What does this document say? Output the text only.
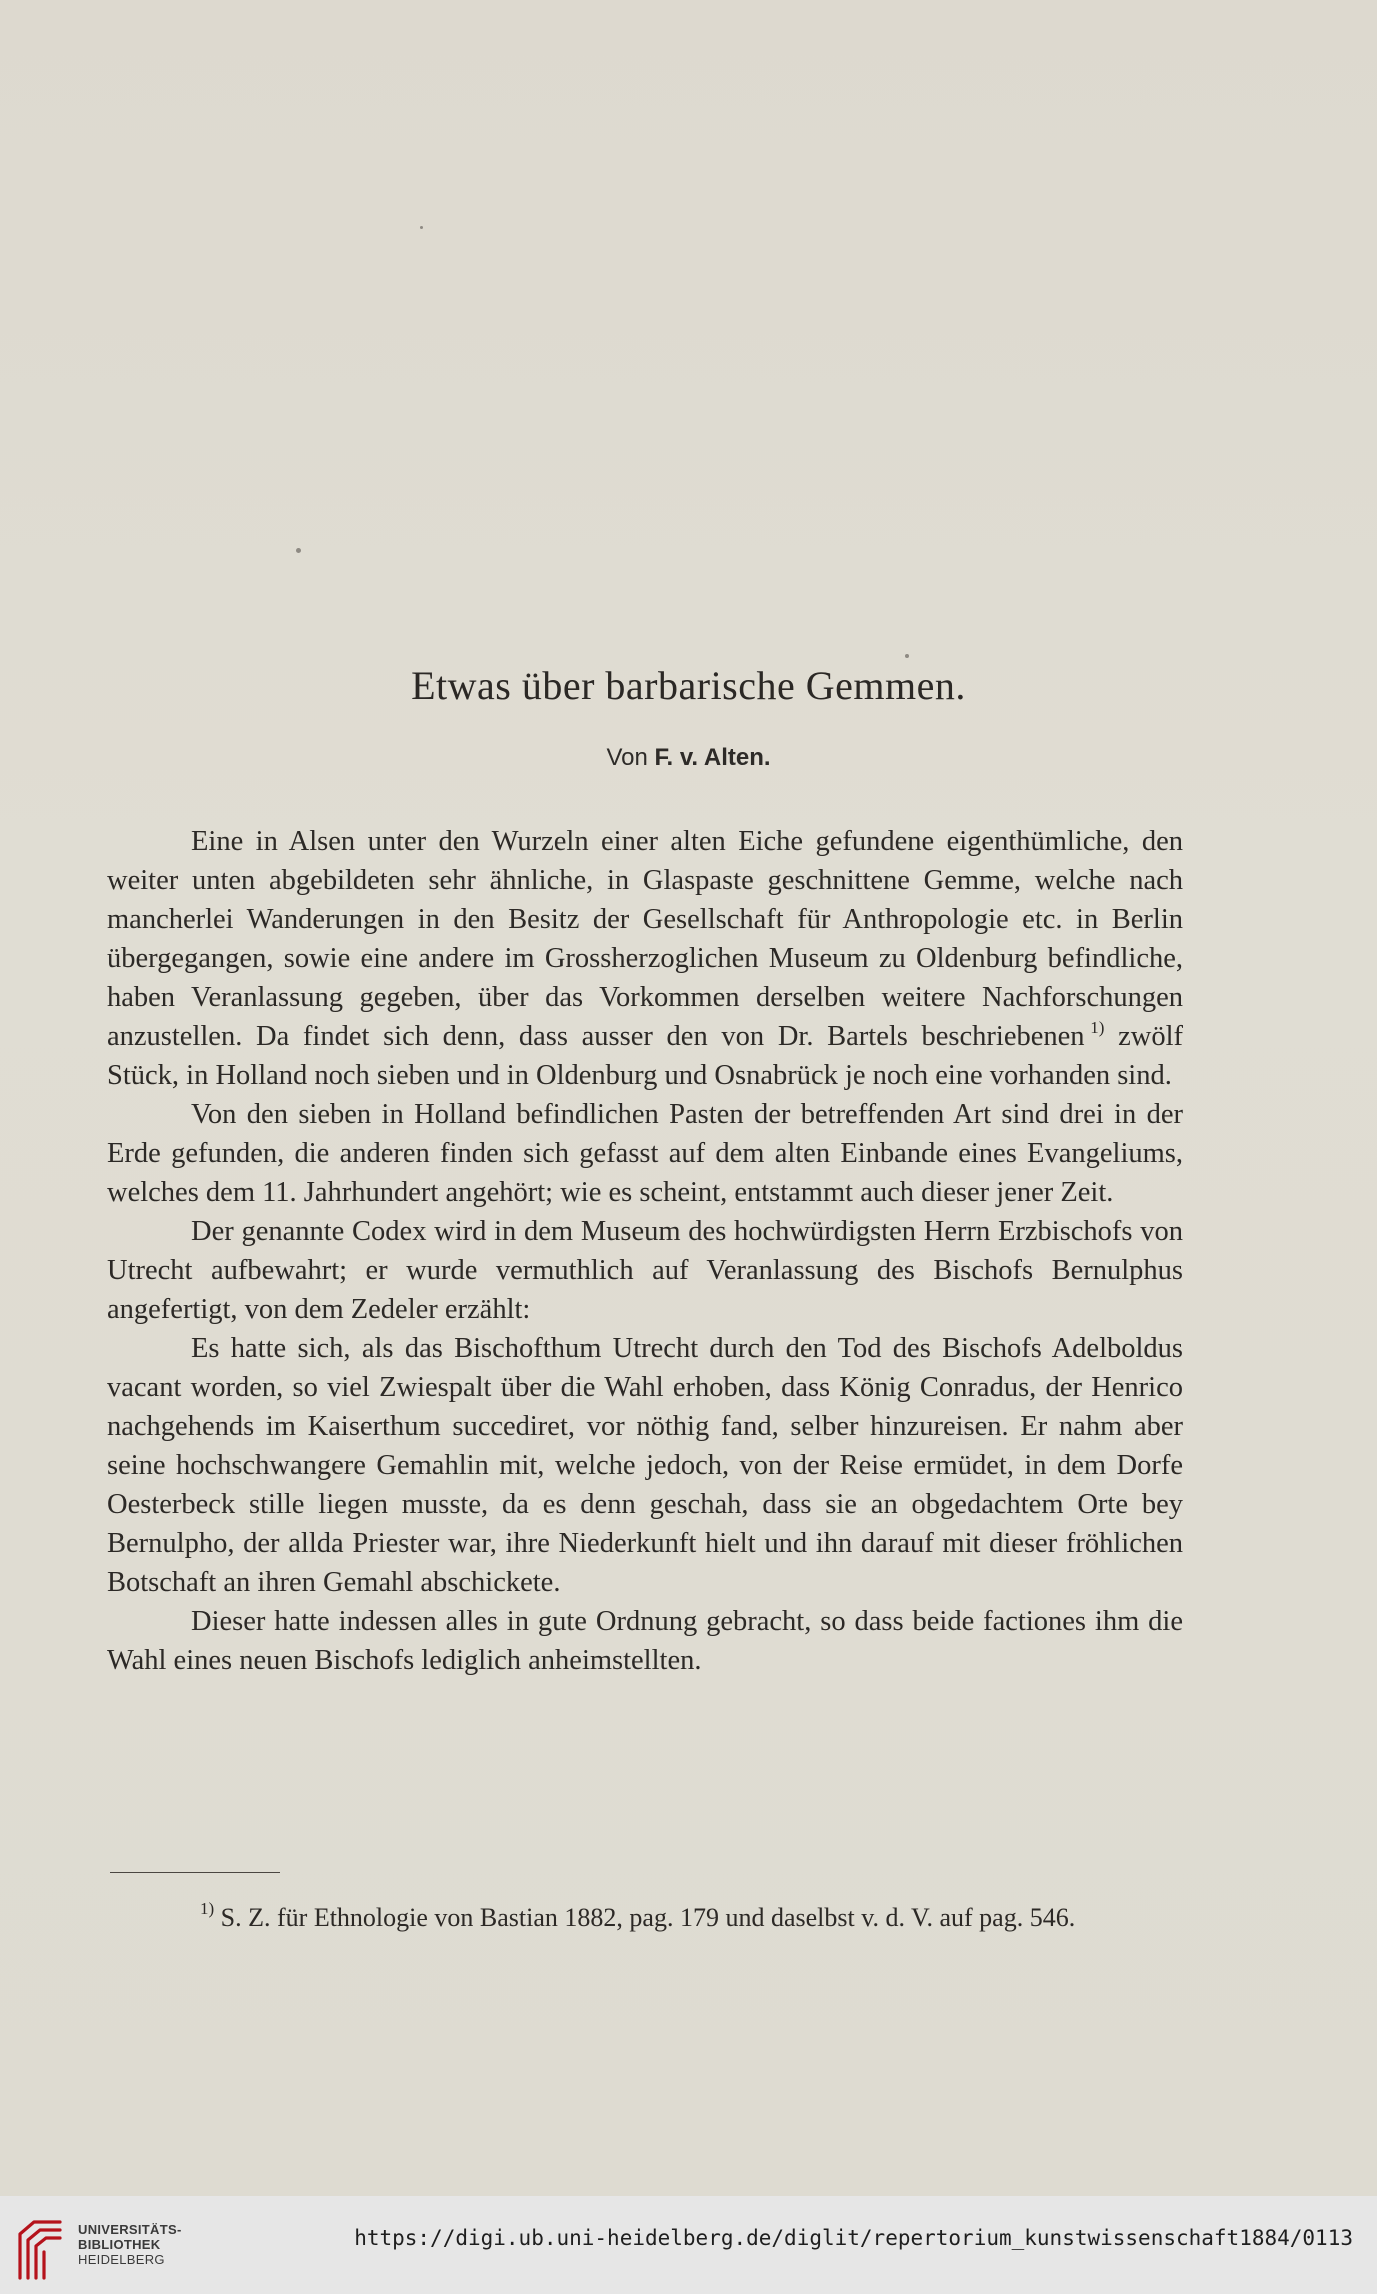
Etwas über barbarische Gemmen.
Von F. v. Alten.

Eine in Alsen unter den Wurzeln einer alten Eiche gefundene eigenthümliche, den weiter unten abgebildeten sehr ähnliche, in Glaspaste geschnittene Gemme, welche nach mancherlei Wanderungen in den Besitz der Gesellschaft für Anthropologie etc. in Berlin übergegangen, sowie eine andere im Grossherzoglichen Museum zu Oldenburg befindliche, haben Veranlassung gegeben, über das Vorkommen derselben weitere Nachforschungen anzustellen. Da findet sich denn, dass ausser den von Dr. Bartels beschriebenen  $^{1)}$ zwölf Stück, in Holland noch sieben und in Oldenburg und Osnabrück je noch eine vorhanden sind.

Von den sieben in Holland befindlichen Pasten der betreffenden Art sind drei in der Erde gefunden, die anderen finden sich gefasst auf dem alten Einbande eines Evangeliums, welches dem 11. Jahrhundert angehört; wie es scheint, entstammt auch dieser jener Zeit.

Der genannte Codex wird in dem Museum des hochwürdigsten Herrn Erzbischofs von Utrecht aufbewahrt; er wurde vermuthlich auf Veranlassung des Bischofs Bernulphus angefertigt, von dem Zedeler erzählt:

Es hatte sich, als das Bischofthum Utrecht durch den Tod des Bischofs Adelboldus vacant worden, so viel Zwiespalt über die Wahl erhoben, dass König Conradus, der Henrico nachgehends im Kaiserthum succediret, vor nöthig fand, selber hinzureisen. Er nahm aber seine hochschwangere Gemahlin mit, welche jedoch, von der Reise ermüdet, in dem Dorfe Oesterbeck stille liegen musste, da es denn geschah, dass sie an obgedachtem Orte bey Bernulpho, der allda Priester war, ihre Niederkunft hielt und ihn darauf mit dieser fröhlichen Botschaft an ihren Gemahl abschickete.

Dieser hatte indessen alles in gute Ordnung gebracht, so dass beide factiones ihm die Wahl eines neuen Bischofs lediglich anheimstellten.

$^{1)}$ S. Z. für Ethnologie von Bastian 1882, pag. 179 und daselbst v. d. V. auf pag. 546.
UNIVERSITÄTS-
BIBLIOTHEK
HEIDELBERG
https://digi.ub.uni-heidelberg.de/diglit/repertorium_kunstwissenschaft1884/0113
